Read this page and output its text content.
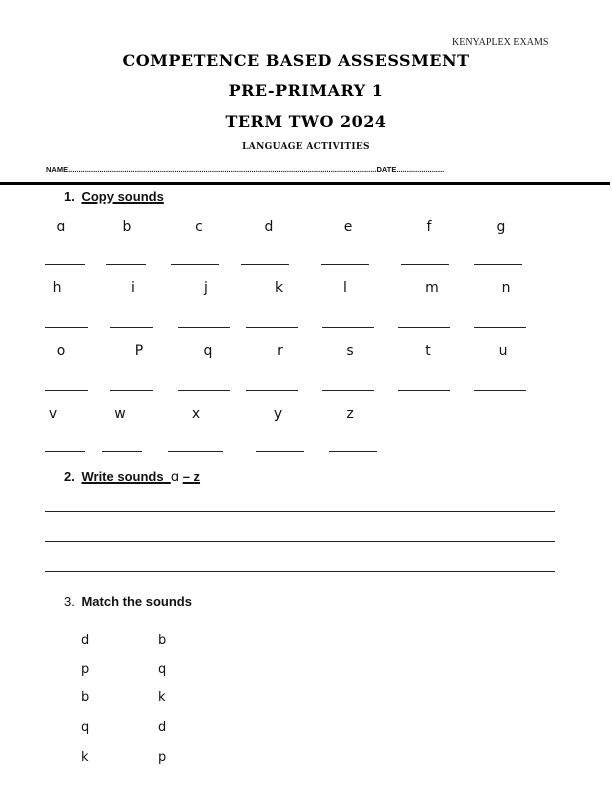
KENYAPLEX EXAMS
COMPETENCE BASED ASSESSMENT
PRE-PRIMARY 1
TERM TWO 2024
LANGUAGE ACTIVITIES
NAME....................................................................................................................................................DATE.......................
1. Copy sounds
ɑ	b	c	d	e	f	g
h	i	j	k	l	m	n
o	P	q	r	s	t	u
v	w	x	y	z
2. Write sounds ɑ – z
3. Match the sounds
d	b
p	q
b	k
q	d
k	p
